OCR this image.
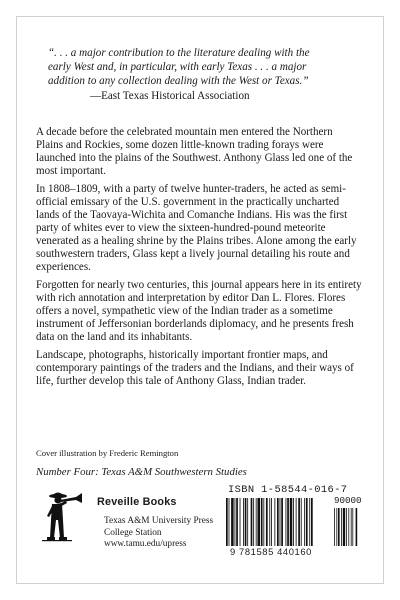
“. . . a major contribution to the literature dealing with the
early West and, in particular, with early Texas . . . a major
addition to any collection dealing with the West or Texas.”
—East Texas Historical Association

A decade before the celebrated mountain men entered the Northern Plains and Rockies, some dozen little-known trading forays were launched into the plains of the Southwest. Anthony Glass led one of the most important.

In 1808–1809, with a party of twelve hunter-traders, he acted as semi-official emissary of the U.S. government in the practically uncharted lands of the Taovaya-Wichita and Comanche Indians. His was the first party of whites ever to view the sixteen-hundred-pound meteorite venerated as a healing shrine by the Plains tribes. Alone among the early southwestern traders, Glass kept a lively journal detailing his route and experiences.

Forgotten for nearly two centuries, this journal appears here in its entirety with rich annotation and interpretation by editor Dan L. Flores. Flores offers a novel, sympathetic view of the Indian trader as a sometime instrument of Jeffersonian borderlands diplomacy, and he presents fresh data on the land and its inhabitants.

Landscape, photographs, historically important frontier maps, and contemporary paintings of the traders and the Indians, and their ways of life, further develop this tale of Anthony Glass, Indian trader.

Cover illustration by Frederic Remington
Number Four: Texas A&M Southwestern Studies
Reveille Books
Texas A&M University Press
College Station
www.tamu.edu/upress
ISBN 1-58544-016-7
90000
9 781585 440160
